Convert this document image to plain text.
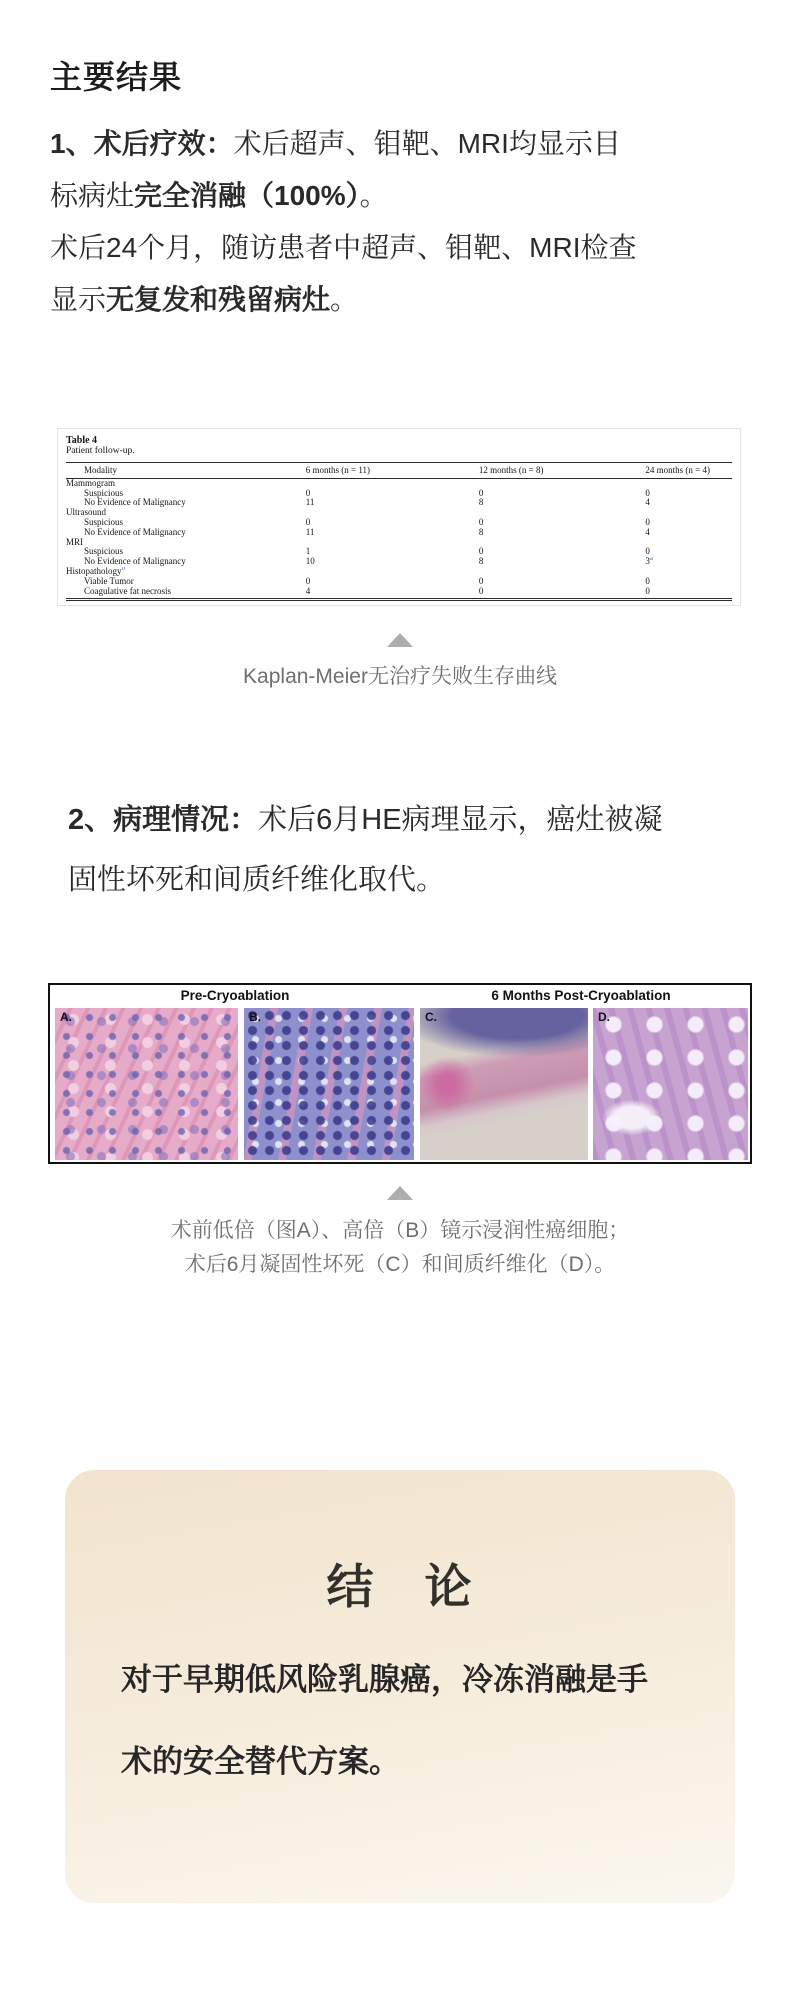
主要结果
1、术后疗效：术后超声、钼靶、MRI均显示目
标病灶完全消融（100%）。
术后24个月，随访患者中超声、钼靶、MRI检查
显示无复发和残留病灶。
Table 4
Patient follow-up.
Modality	6 months (n = 11)	12 months (n = 8)	24 months (n = 4)
Mammogram			
Suspicious	0	0	0
No Evidence of Malignancy	11	8	4
Ultrasound			
Suspicious	0	0	0
No Evidence of Malignancy	11	8	4
MRI			
Suspicious	1	0	0
No Evidence of Malignancy	10	8	3$^a$
Histopathology$^b$			
Viable Tumor	0	0	0
Coagulative fat necrosis	4	0	0
Kaplan-Meier无治疗失败生存曲线
2、病理情况：术后6月HE病理显示，癌灶被凝
固性坏死和间质纤维化取代。
Pre-Cryoablation	6 Months Post-Cryoablation
A.	B.	C.	D.
术前低倍（图A）、高倍（B）镜示浸润性癌细胞；
术后6月凝固性坏死（C）和间质纤维化（D）。
结　论
对于早期低风险乳腺癌，冷冻消融是手
术的安全替代方案。
